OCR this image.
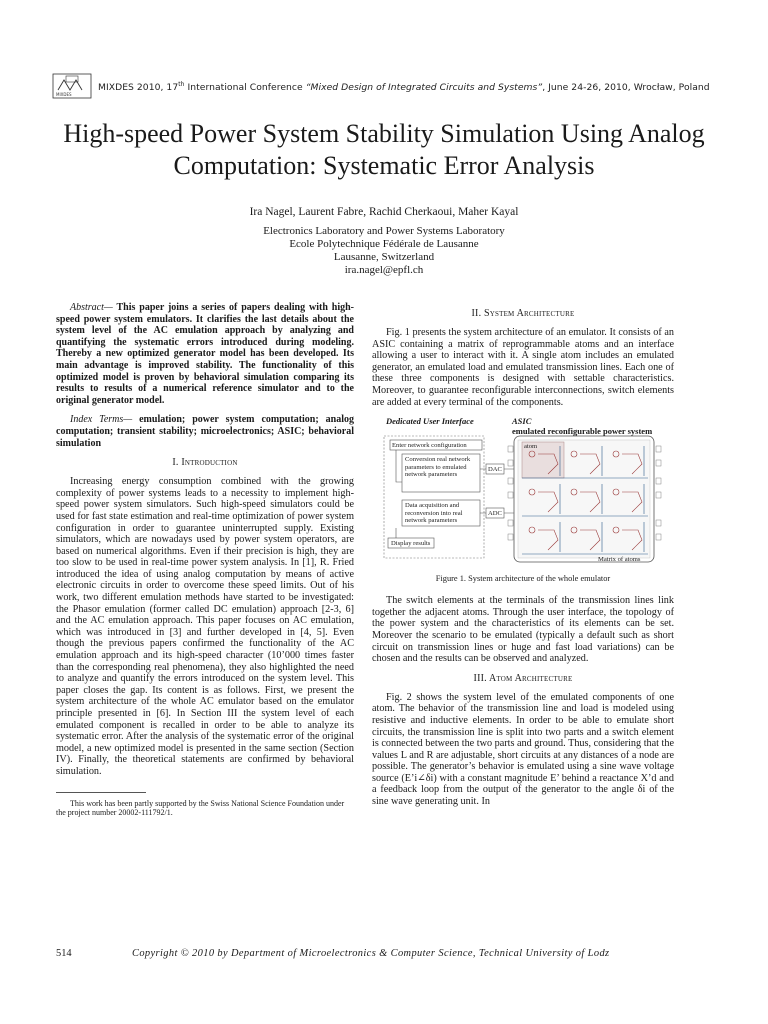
MIXDES
MIXDES 2010, 17th International Conference “Mixed Design of Integrated Circuits and Systems”, June 24-26, 2010, Wrocław, Poland
High-speed Power System Stability Simulation Using Analog Computation: Systematic Error Analysis
Ira Nagel, Laurent Fabre, Rachid Cherkaoui, Maher Kayal
Electronics Laboratory and Power Systems Laboratory
Ecole Polytechnique Fédérale de Lausanne
Lausanne, Switzerland
ira.nagel@epfl.ch

Abstract— This paper joins a series of papers dealing with high-speed power system emulators. It clarifies the last details about the system level of the AC emulation approach by analyzing and quantifying the systematic errors introduced during modeling. Thereby a new optimized generator model has been developed. Its main advantage is improved stability. The functionality of this optimized model is proven by behavioral simulation comparing its results to results of a numerical reference simulator and to the original generator model.

Index Terms— emulation; power system computation; analog computation; transient stability; microelectronics; ASIC; behavioral simulation

I. Introduction

Increasing energy consumption combined with the growing complexity of power systems leads to a necessity to implement high-speed power system simulators. Such high-speed simulators could be used for fast state estimation and real-time optimization of power system configuration in order to guarantee uninterrupted supply. Existing simulators, which are nowadays used by power system operators, are based on numerical algorithms. Even if their precision is high, they are too slow to be used in real-time power system analysis. In [1], R. Fried introduced the idea of using analog computation by means of active electronic circuits in order to overcome these speed limits. Out of his work, two different emulation methods have started to be investigated: the Phasor emulation (former called DC emulation) approach [2-3, 6] and the AC emulation approach. This paper focuses on AC emulation, which was introduced in [3] and further developed in [4, 5]. Even though the previous papers confirmed the functionality of the AC emulation approach and its high-speed character (10’000 times faster than the corresponding real phenomena), they also highlighted the need to analyze and quantify the errors introduced on the system level. This paper closes the gap. Its content is as follows. First, we present the system architecture of the whole AC emulator based on the emulator principle presented in [6]. In Section III the system level of each emulated component is recalled in order to be able to analyze its systematic error. After the analysis of the systematic error of the original model, a new optimized model is presented in the same section (Section IV). Finally, the theoretical statements are confirmed by behavioral simulation.

This work has been partly supported by the Swiss National Science Foundation under the project number 20002-111792/1.
II. System Architecture

Fig. 1 presents the system architecture of an emulator. It consists of an ASIC containing a matrix of reprogrammable atoms and an interface allowing a user to interact with it. A single atom includes an emulated generator, an emulated load and emulated transmission lines. Each one of these three components is designed with settable characteristics. Moreover, to guarantee reconfigurable interconnections, switch elements are added at every terminal of the components.

Dedicated User Interface	ASIC
emulated reconfigurable power system
Enter network configuration
Conversion real network parameters to emulated network parameters
Data acquisition and reconversion into real network parameters
Display results
DAC
ADC
atom
Matrix of atoms
Figure 1. System architecture of the whole emulator

The switch elements at the terminals of the transmission lines link together the adjacent atoms. Through the user interface, the topology of the power system and the characteristics of its elements can be set. Moreover the scenario to be emulated (typically a default such as short circuit on transmission lines or huge and fast load variations) can be chosen and the results can be observed and analyzed.

III. Atom Architecture

Fig. 2 shows the system level of the emulated components of one atom. The behavior of the transmission line and load is modeled using resistive and inductive elements. In order to be able to emulate short circuits, the transmission line is split into two parts and a switch element is connected between the two parts and ground. Thus, considering that the values L and R are adjustable, short circuits at any distances of a node are possible. The generator’s behavior is emulated using a sine wave voltage source (E’i∠δi) with a constant magnitude E’ behind a reactance X’d and a feedback loop from the output of the generator to the angle δi of the sine wave generating unit. In

514	Copyright © 2010 by Department of Microelectronics & Computer Science, Technical University of Lodz
